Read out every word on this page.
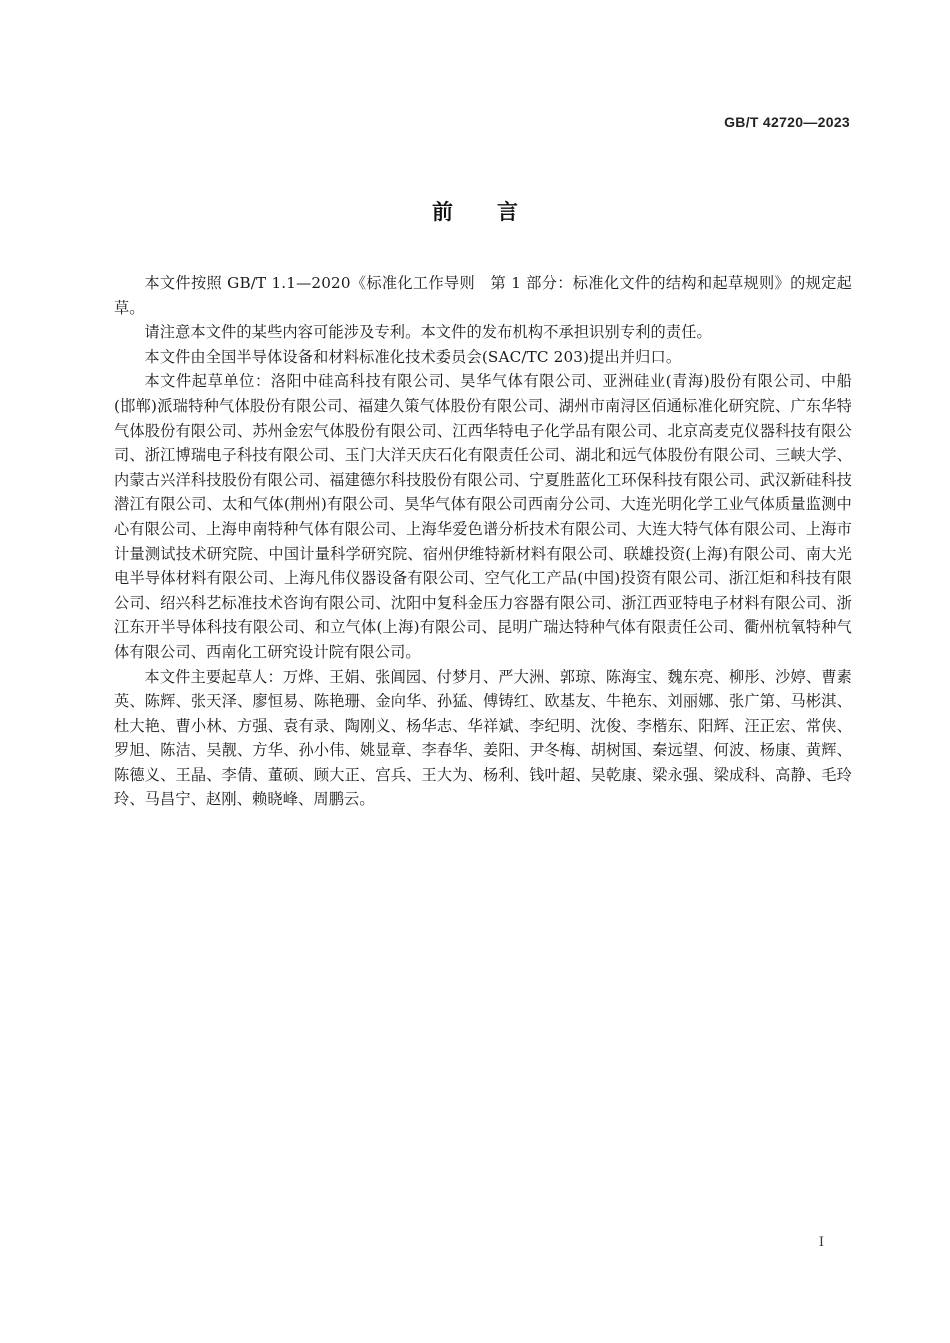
GB/T 42720—2023

前言

本文件按照 GB/T 1.1—2020《标准化工作导则　第 1 部分：标准化文件的结构和起草规则》的规定起草。

请注意本文件的某些内容可能涉及专利。本文件的发布机构不承担识别专利的责任。

本文件由全国半导体设备和材料标准化技术委员会(SAC/TC 203)提出并归口。

本文件起草单位：洛阳中硅高科技有限公司、昊华气体有限公司、亚洲硅业(青海)股份有限公司、中船(邯郸)派瑞特种气体股份有限公司、福建久策气体股份有限公司、湖州市南浔区佰通标准化研究院、广东华特气体股份有限公司、苏州金宏气体股份有限公司、江西华特电子化学品有限公司、北京高麦克仪器科技有限公司、浙江博瑞电子科技有限公司、玉门大洋天庆石化有限责任公司、湖北和远气体股份有限公司、三峡大学、内蒙古兴洋科技股份有限公司、福建德尔科技股份有限公司、宁夏胜蓝化工环保科技有限公司、武汉新硅科技潜江有限公司、太和气体(荆州)有限公司、昊华气体有限公司西南分公司、大连光明化学工业气体质量监测中心有限公司、上海申南特种气体有限公司、上海华爱色谱分析技术有限公司、大连大特气体有限公司、上海市计量测试技术研究院、中国计量科学研究院、宿州伊维特新材料有限公司、联雄投资(上海)有限公司、南大光电半导体材料有限公司、上海凡伟仪器设备有限公司、空气化工产品(中国)投资有限公司、浙江炬和科技有限公司、绍兴科艺标准技术咨询有限公司、沈阳中复科金压力容器有限公司、浙江西亚特电子材料有限公司、浙江东开半导体科技有限公司、和立气体(上海)有限公司、昆明广瑞达特种气体有限责任公司、衢州杭氧特种气体有限公司、西南化工研究设计院有限公司。

本文件主要起草人：万烨、王娟、张阊园、付梦月、严大洲、郭琼、陈海宝、魏东亮、柳彤、沙婷、曹素英、陈辉、张天泽、廖恒易、陈艳珊、金向华、孙猛、傅铸红、欧基友、牛艳东、刘丽娜、张广第、马彬淇、杜大艳、曹小林、方强、袁有录、陶刚义、杨华志、华祥斌、李纪明、沈俊、李楷东、阳辉、汪正宏、常侠、罗旭、陈洁、吴靓、方华、孙小伟、姚显章、李春华、姜阳、尹冬梅、胡树国、秦远望、何波、杨康、黄辉、陈德义、王晶、李倩、董硕、顾大正、宫兵、王大为、杨利、钱叶超、吴乾康、梁永强、梁成科、高静、毛玲玲、马昌宁、赵刚、赖晓峰、周鹏云。

I
